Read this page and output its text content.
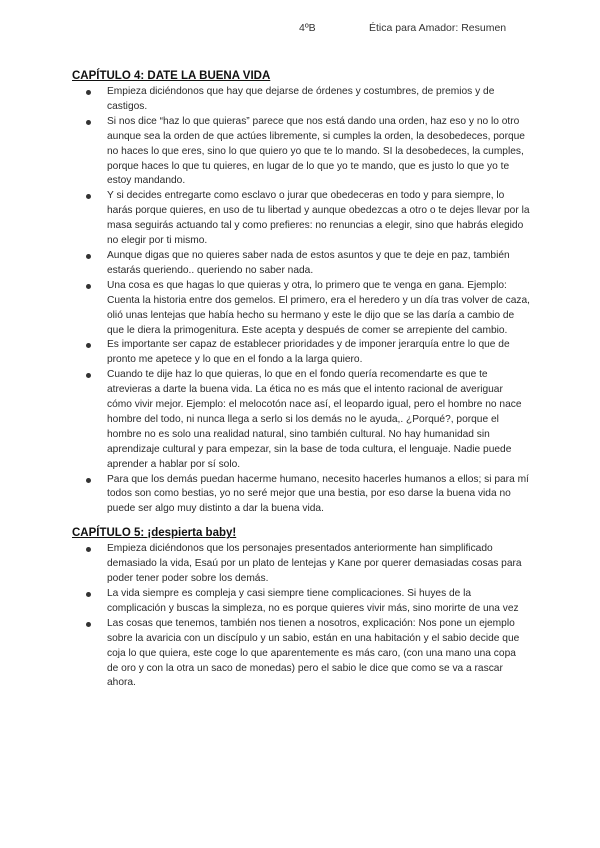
4ºB	Ética para Amador: Resumen
CAPÍTULO 4: DATE LA BUENA VIDA
Empieza diciéndonos que hay que dejarse de órdenes y costumbres, de premios y de castigos.
Si nos dice “haz lo que quieras” parece que nos está dando una orden, haz eso y no lo otro aunque sea la orden de que actúes libremente, si cumples la orden, la desobedeces, porque no haces lo que eres, sino lo que quiero yo que te lo mando. SI la desobedeces, la cumples, porque haces lo que tu quieres, en lugar de lo que yo te mando, que es justo lo que yo te estoy mandando.
Y si decides entregarte como esclavo o jurar que obedeceras en todo y para siempre, lo harás porque quieres, en uso de tu libertad y aunque obedezcas a otro o te dejes llevar por la masa seguirás actuando tal y como prefieres: no renuncias a elegir, sino que habrás elegido no elegir por ti mismo.
Aunque digas que no quieres saber nada de estos asuntos y que te deje en paz, también estarás queriendo.. queriendo no saber nada.
Una cosa es que hagas lo que quieras y otra, lo primero que te venga en gana. Ejemplo: Cuenta la historia entre dos gemelos. El primero, era el heredero y un día tras volver de caza, olió unas lentejas que había hecho su hermano y este le dijo que se las daría a cambio de que le diera la primogenitura. Este acepta y después de comer se arrepiente del cambio.
Es importante ser capaz de establecer prioridades y de imponer jerarquía entre lo que de pronto me apetece y lo que en el fondo a la larga quiero.
Cuando te dije haz lo que quieras, lo que en el fondo quería recomendarte es que te atrevieras a darte la buena vida. La ética no es más que el intento racional de averiguar cómo vivir mejor. Ejemplo: el melocotón nace así, el leopardo igual, pero el hombre no nace hombre del todo, ni nunca llega a serlo si los demás no le ayuda,. ¿Porqué?, porque el hombre no es solo una realidad natural, sino también cultural. No hay humanidad sin aprendizaje cultural y para empezar, sin la base de toda cultura, el lenguaje. Nadie puede aprender a hablar por sí solo.
Para que los demás puedan hacerme humano, necesito hacerles humanos a ellos; si para mí todos son como bestias, yo no seré mejor que una bestia, por eso darse la buena vida no puede ser algo muy distinto a dar la buena vida.
CAPÍTULO 5: ¡despierta baby!
Empieza diciéndonos que los personajes presentados anteriormente han simplificado demasiado la vida, Esaú por un plato de lentejas y Kane por querer demasiadas cosas para poder tener poder sobre los demás.
La vida siempre es compleja y casi siempre tiene complicaciones. Si huyes de la complicación y buscas la simpleza, no es porque quieres vivir más, sino morirte de una vez
Las cosas que tenemos, también nos tienen a nosotros, explicación: Nos pone un ejemplo sobre la avaricia con un discípulo y un sabio, están en una habitación y el sabio decide que coja lo que quiera, este coge lo que aparentemente es más caro, (con una mano una copa de oro y con la otra un saco de monedas) pero el sabio le dice que como se va a rascar ahora.
